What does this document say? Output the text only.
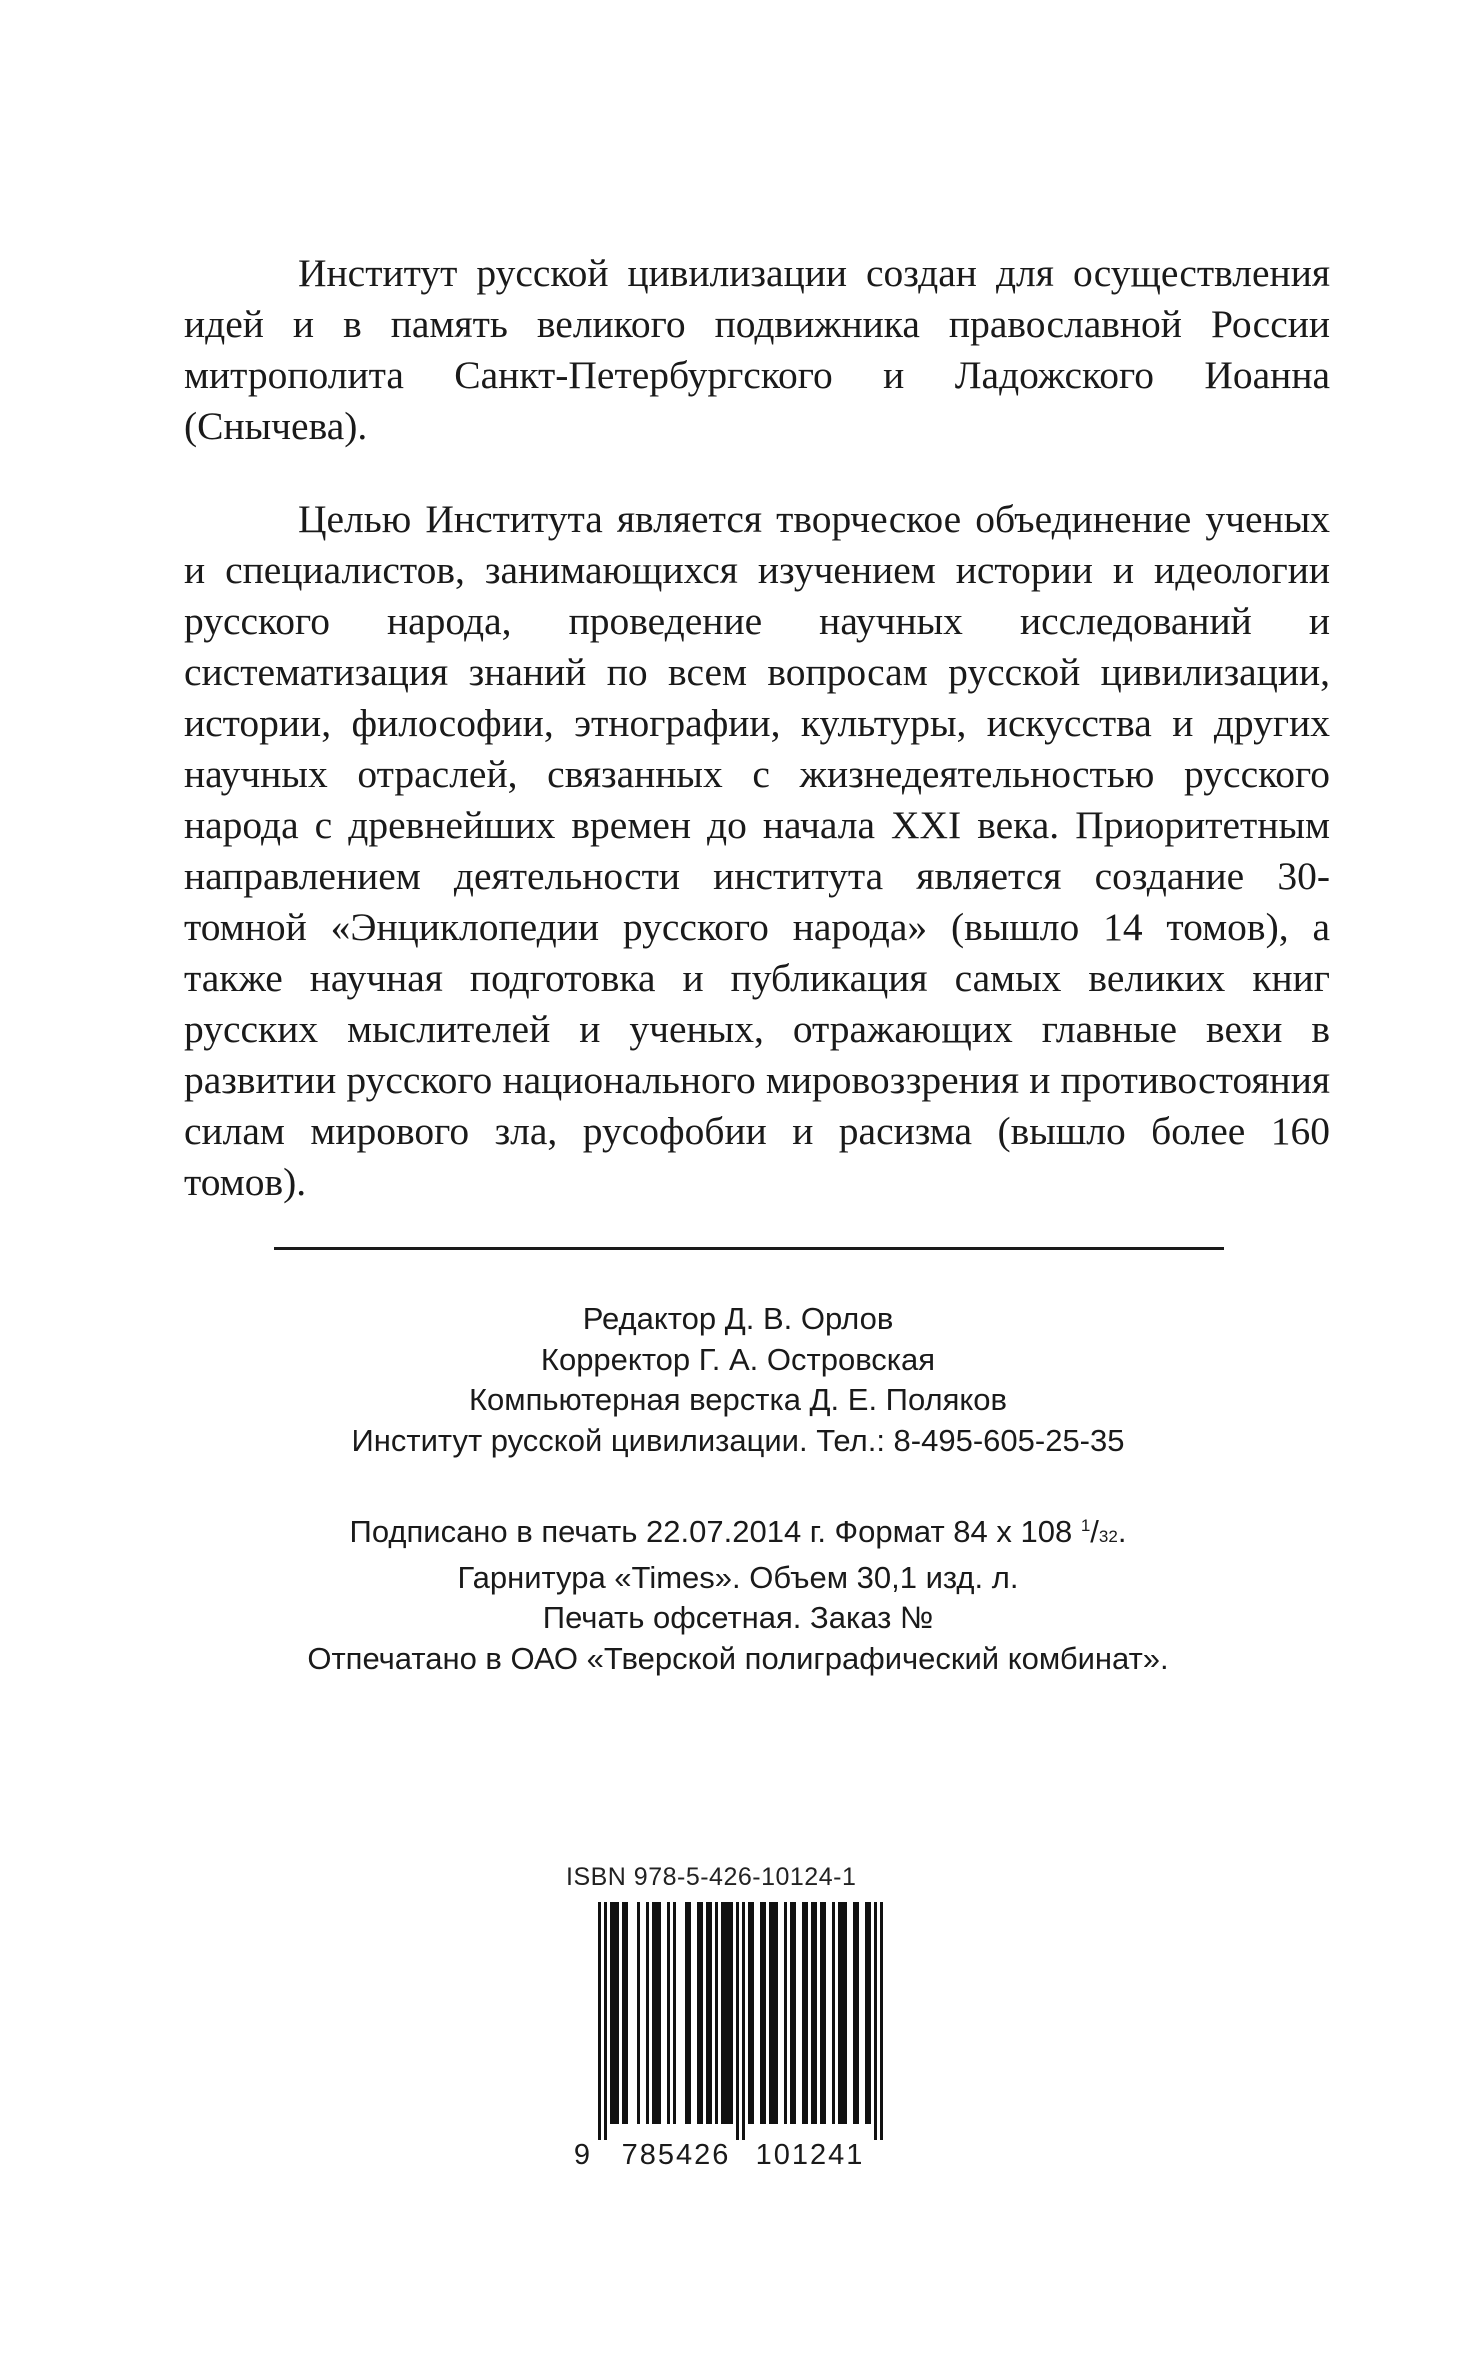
Институт русской цивилизации создан для осуществления идей и в память великого подвижника православной России митрополита Санкт-Петербургского и Ладожского Иоанна (Снычева).

Целью Института является творческое объединение ученых и специалистов, занимающихся изучением истории и идеологии русского народа, проведение научных исследований и систематизация знаний по всем вопросам русской цивилизации, истории, философии, этнографии, культуры, искусства и других научных отраслей, связанных с жизнедеятельностью русского народа с древнейших времен до начала XXI века. Приоритетным направлением деятельности института является создание 30-томной «Энциклопедии русского народа» (вышло 14 томов), а также научная подготовка и публикация самых великих книг русских мыслителей и ученых, отражающих главные вехи в развитии русского национального мировоззрения и противостояния силам мирового зла, русофобии и расизма (вышло более 160 томов).

Редактор Д. В. Орлов
Корректор Г. А. Островская
Компьютерная верстка Д. Е. Поляков
Институт русской цивилизации. Тел.: 8-495-605-25-35
Подписано в печать 22.07.2014 г. Формат 84 х 108 $^1$/32.
Гарнитура «Times». Объем 30,1 изд. л.
Печать офсетная. Заказ №
Отпечатано в ОАО «Тверской полиграфический комбинат».
ISBN 978-5-426-10124-1
9 785426 101241
